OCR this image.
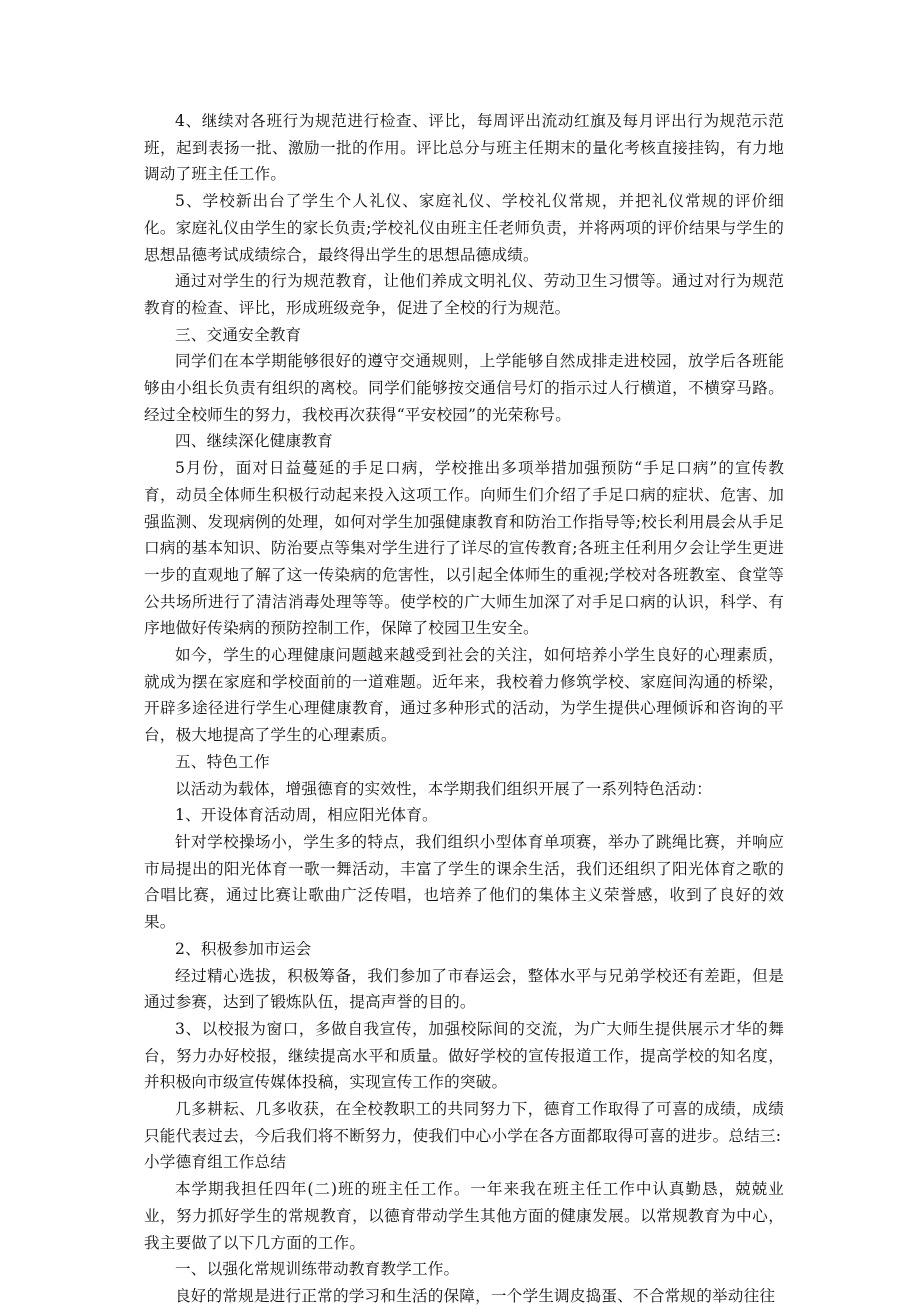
4、继续对各班行为规范进行检查、评比，每周评出流动红旗及每月评出行为规范示范班，起到表扬一批、激励一批的作用。评比总分与班主任期末的量化考核直接挂钩，有力地调动了班主任工作。

5、学校新出台了学生个人礼仪、家庭礼仪、学校礼仪常规，并把礼仪常规的评价细化。家庭礼仪由学生的家长负责;学校礼仪由班主任老师负责，并将两项的评价结果与学生的思想品德考试成绩综合，最终得出学生的思想品德成绩。

通过对学生的行为规范教育，让他们养成文明礼仪、劳动卫生习惯等。通过对行为规范教育的检查、评比，形成班级竞争，促进了全校的行为规范。

三、交通安全教育

同学们在本学期能够很好的遵守交通规则，上学能够自然成排走进校园，放学后各班能够由小组长负责有组织的离校。同学们能够按交通信号灯的指示过人行横道，不横穿马路。经过全校师生的努力，我校再次获得“平安校园”的光荣称号。

四、继续深化健康教育

5月份，面对日益蔓延的手足口病，学校推出多项举措加强预防“手足口病”的宣传教育，动员全体师生积极行动起来投入这项工作。向师生们介绍了手足口病的症状、危害、加强监测、发现病例的处理，如何对学生加强健康教育和防治工作指导等;校长利用晨会从手足口病的基本知识、防治要点等集对学生进行了详尽的宣传教育;各班主任利用夕会让学生更进一步的直观地了解了这一传染病的危害性，以引起全体师生的重视;学校对各班教室、食堂等公共场所进行了清洁消毒处理等等。使学校的广大师生加深了对手足口病的认识，科学、有序地做好传染病的预防控制工作，保障了校园卫生安全。

如今，学生的心理健康问题越来越受到社会的关注，如何培养小学生良好的心理素质，就成为摆在家庭和学校面前的一道难题。近年来，我校着力修筑学校、家庭间沟通的桥梁，开辟多途径进行学生心理健康教育，通过多种形式的活动，为学生提供心理倾诉和咨询的平台，极大地提高了学生的心理素质。

五、特色工作

以活动为载体，增强德育的实效性，本学期我们组织开展了一系列特色活动：

1、开设体育活动周，相应阳光体育。

针对学校操场小，学生多的特点，我们组织小型体育单项赛，举办了跳绳比赛，并响应市局提出的阳光体育一歌一舞活动，丰富了学生的课余生活，我们还组织了阳光体育之歌的合唱比赛，通过比赛让歌曲广泛传唱，也培养了他们的集体主义荣誉感，收到了良好的效果。

2、积极参加市运会

经过精心选拔，积极筹备，我们参加了市春运会，整体水平与兄弟学校还有差距，但是通过参赛，达到了锻炼队伍，提高声誉的目的。

3、以校报为窗口，多做自我宣传，加强校际间的交流，为广大师生提供展示才华的舞台，努力办好校报，继续提高水平和质量。做好学校的宣传报道工作，提高学校的知名度，并积极向市级宣传媒体投稿，实现宣传工作的突破。

几多耕耘、几多收获，在全校教职工的共同努力下，德育工作取得了可喜的成绩，成绩只能代表过去，今后我们将不断努力，使我们中心小学在各方面都取得可喜的进步。总结三:

小学德育组工作总结

本学期我担任四年(二)班的班主任工作。一年来我在班主任工作中认真勤恳，兢兢业业，努力抓好学生的常规教育，以德育带动学生其他方面的健康发展。以常规教育为中心，我主要做了以下几方面的工作。

一、以强化常规训练带动教育教学工作。

良好的常规是进行正常的学习和生活的保障，一个学生调皮捣蛋、不合常规的举动往往
